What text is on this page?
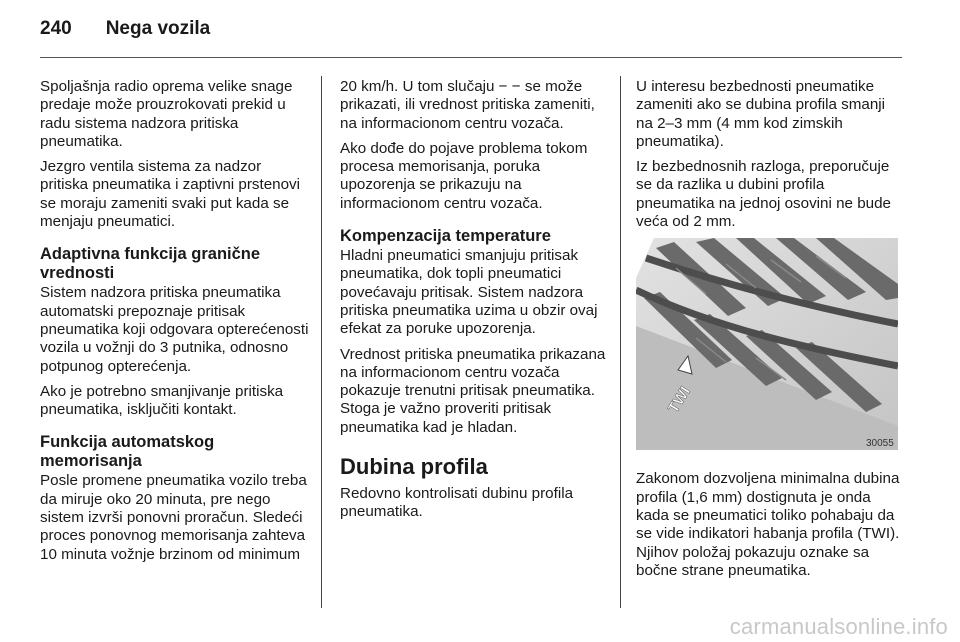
240 Nega vozila

Spoljašnja radio oprema velike snage predaje može prouzrokovati prekid u radu sistema nadzora pritiska pneumatika.

Jezgro ventila sistema za nadzor pritiska pneumatika i zaptivni prstenovi se moraju zameniti svaki put kada se menjaju pneumatici.

Adaptivna funkcija granične vrednosti

Sistem nadzora pritiska pneumatika automatski prepoznaje pritisak pneumatika koji odgovara opterećenosti vozila u vožnji do 3 putnika, odnosno potpunog opterećenja.

Ako je potrebno smanjivanje pritiska pneumatika, isključiti kontakt.

Funkcija automatskog memorisanja

Posle promene pneumatika vozilo treba da miruje oko 20 minuta, pre nego sistem izvrši ponovni proračun. Sledeći proces ponovnog memorisanja zahteva 10 minuta vožnje brzinom od minimum

20 km/h. U tom slučaju − − se može prikazati, ili vrednost pritiska zameniti, na informacionom centru vozača.

Ako dođe do pojave problema tokom procesa memorisanja, poruka upozorenja se prikazuju na informacionom centru vozača.

Kompenzacija temperature

Hladni pneumatici smanjuju pritisak pneumatika, dok topli pneumatici povećavaju pritisak. Sistem nadzora pritiska pneumatika uzima u obzir ovaj efekat za poruke upozorenja.

Vrednost pritiska pneumatika prikazana na informacionom centru vozača pokazuje trenutni pritisak pneumatika. Stoga je važno proveriti pritisak pneumatika kad je hladan.

Dubina profila

Redovno kontrolisati dubinu profila pneumatika.

U interesu bezbednosti pneumatike zameniti ako se dubina profila smanji na 2–3 mm (4 mm kod zimskih pneumatika).

Iz bezbednosnih razloga, preporučuje se da razlika u dubini profila pneumatika na jednoj osovini ne bude veća od 2 mm.

TWI
30055

Zakonom dozvoljena minimalna dubina profila (1,6 mm) dostignuta je onda kada se pneumatici toliko pohabaju da se vide indikatori habanja profila (TWI). Njihov položaj pokazuju oznake sa bočne strane pneumatika.

carmanualsonline.info
